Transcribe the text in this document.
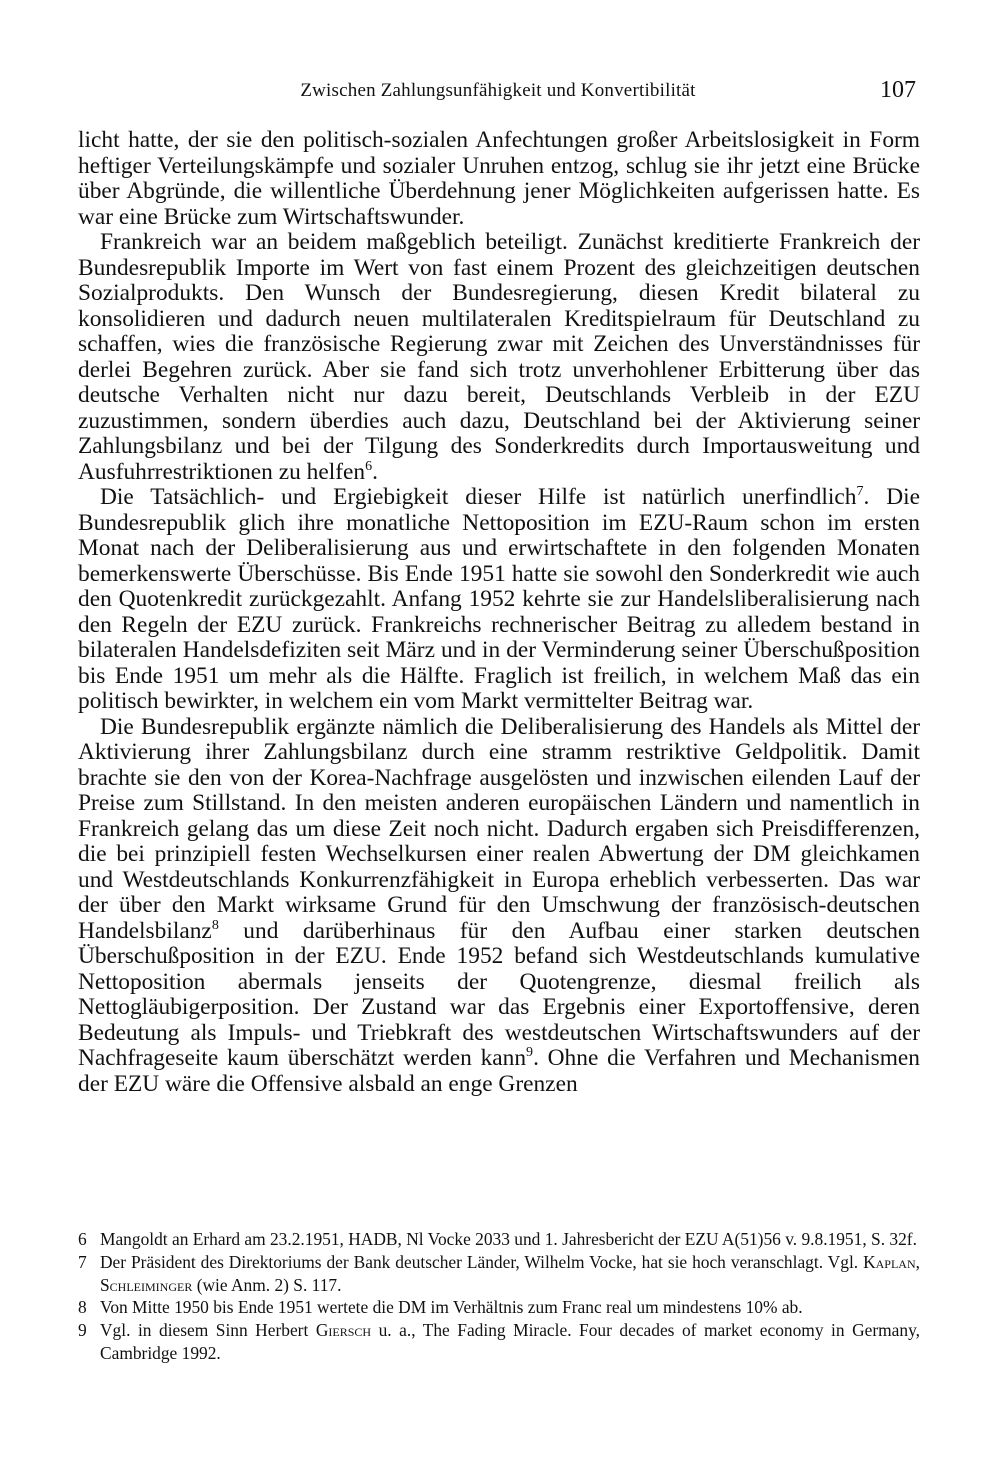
Zwischen Zahlungsunfähigkeit und Konvertibilität	107

licht hatte, der sie den politisch-sozialen Anfechtungen großer Arbeitslosigkeit in Form heftiger Verteilungskämpfe und sozialer Unruhen entzog, schlug sie ihr jetzt eine Brücke über Abgründe, die willentliche Überdehnung jener Möglichkeiten aufgerissen hatte. Es war eine Brücke zum Wirtschaftswunder.

Frankreich war an beidem maßgeblich beteiligt. Zunächst kreditierte Frankreich der Bundesrepublik Importe im Wert von fast einem Prozent des gleichzeitigen deutschen Sozialprodukts. Den Wunsch der Bundesregierung, diesen Kredit bilateral zu konsolidieren und dadurch neuen multilateralen Kreditspielraum für Deutschland zu schaffen, wies die französische Regierung zwar mit Zeichen des Unverständnisses für derlei Begehren zurück. Aber sie fand sich trotz unverhohlener Erbitterung über das deutsche Verhalten nicht nur dazu bereit, Deutschlands Verbleib in der EZU zuzustimmen, sondern überdies auch dazu, Deutschland bei der Aktivierung seiner Zahlungsbilanz und bei der Tilgung des Sonderkredits durch Importausweitung und Ausfuhrrestriktionen zu helfen$^6$.

Die Tatsächlich- und Ergiebigkeit dieser Hilfe ist natürlich unerfindlich$^7$. Die Bundesrepublik glich ihre monatliche Nettoposition im EZU-Raum schon im ersten Monat nach der Deliberalisierung aus und erwirtschaftete in den folgenden Monaten bemerkenswerte Überschüsse. Bis Ende 1951 hatte sie sowohl den Sonderkredit wie auch den Quotenkredit zurückgezahlt. Anfang 1952 kehrte sie zur Handelsliberalisierung nach den Regeln der EZU zurück. Frankreichs rechnerischer Beitrag zu alledem bestand in bilateralen Handelsdefiziten seit März und in der Verminderung seiner Überschußposition bis Ende 1951 um mehr als die Hälfte. Fraglich ist freilich, in welchem Maß das ein politisch bewirkter, in welchem ein vom Markt vermittelter Beitrag war.

Die Bundesrepublik ergänzte nämlich die Deliberalisierung des Handels als Mittel der Aktivierung ihrer Zahlungsbilanz durch eine stramm restriktive Geldpolitik. Damit brachte sie den von der Korea-Nachfrage ausgelösten und inzwischen eilenden Lauf der Preise zum Stillstand. In den meisten anderen europäischen Ländern und namentlich in Frankreich gelang das um diese Zeit noch nicht. Dadurch ergaben sich Preisdifferenzen, die bei prinzipiell festen Wechselkursen einer realen Abwertung der DM gleichkamen und Westdeutschlands Konkurrenzfähigkeit in Europa erheblich verbesserten. Das war der über den Markt wirksame Grund für den Umschwung der französisch-deutschen Handelsbilanz$^8$ und darüberhinaus für den Aufbau einer starken deutschen Überschußposition in der EZU. Ende 1952 befand sich Westdeutschlands kumulative Nettoposition abermals jenseits der Quotengrenze, diesmal freilich als Nettogläubigerposition. Der Zustand war das Ergebnis einer Exportoffensive, deren Bedeutung als Impuls- und Triebkraft des westdeutschen Wirtschaftswunders auf der Nachfrageseite kaum überschätzt werden kann$^9$. Ohne die Verfahren und Mechanismen der EZU wäre die Offensive alsbald an enge Grenzen

6 Mangoldt an Erhard am 23.2.1951, HADB, Nl Vocke 2033 und 1. Jahresbericht der EZU A(51)56 v. 9.8.1951, S. 32f.

7 Der Präsident des Direktoriums der Bank deutscher Länder, Wilhelm Vocke, hat sie hoch veranschlagt. Vgl. Kaplan, Schleiminger (wie Anm. 2) S. 117.

8 Von Mitte 1950 bis Ende 1951 wertete die DM im Verhältnis zum Franc real um mindestens 10% ab.

9 Vgl. in diesem Sinn Herbert Giersch u. a., The Fading Miracle. Four decades of market economy in Germany, Cambridge 1992.
